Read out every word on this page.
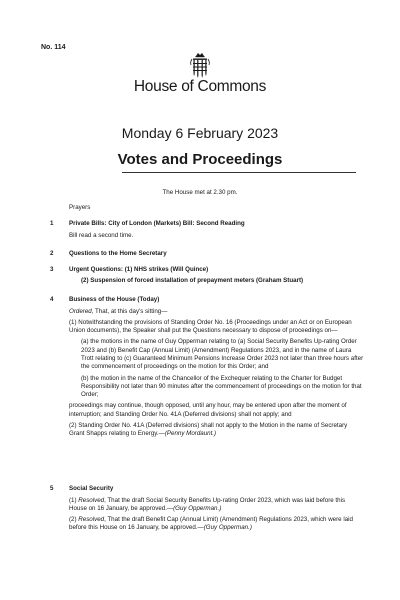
No. 114
House of Commons
Monday 6 February 2023
Votes and Proceedings
The House met at 2.30 pm.
Prayers
1	Private Bills: City of London (Markets) Bill: Second Reading
Bill read a second time.
2	Questions to the Home Secretary
3	Urgent Questions: (1) NHS strikes (Will Quince)
(2) Suspension of forced installation of prepayment meters (Graham Stuart)
4	Business of the House (Today)
Ordered, That, at this day's sitting—
(1) Notwithstanding the provisions of Standing Order No. 16 (Proceedings under an Act or on European Union documents), the Speaker shall put the Questions necessary to dispose of proceedings on—
(a) the motions in the name of Guy Opperman relating to (a) Social Security Benefits Up-rating Order 2023 and (b) Benefit Cap (Annual Limit) (Amendment) Regulations 2023, and in the name of Laura Trott relating to (c) Guaranteed Minimum Pensions Increase Order 2023 not later than three hours after the commencement of proceedings on the motion for this Order; and
(b) the motion in the name of the Chancellor of the Exchequer relating to the Charter for Budget Responsibility not later than 90 minutes after the commencement of proceedings on the motion for that Order;
proceedings may continue, though opposed, until any hour, may be entered upon after the moment of interruption; and Standing Order No. 41A (Deferred divisions) shall not apply; and
(2) Standing Order No. 41A (Deferred divisions) shall not apply to the Motion in the name of Secretary Grant Shapps relating to Energy.—(Penny Mordaunt.)
5	Social Security
(1) Resolved, That the draft Social Security Benefits Up-rating Order 2023, which was laid before this House on 16 January, be approved.—(Guy Opperman.)
(2) Resolved, That the draft Benefit Cap (Annual Limit) (Amendment) Regulations 2023, which were laid before this House on 16 January, be approved.—(Guy Opperman.)
